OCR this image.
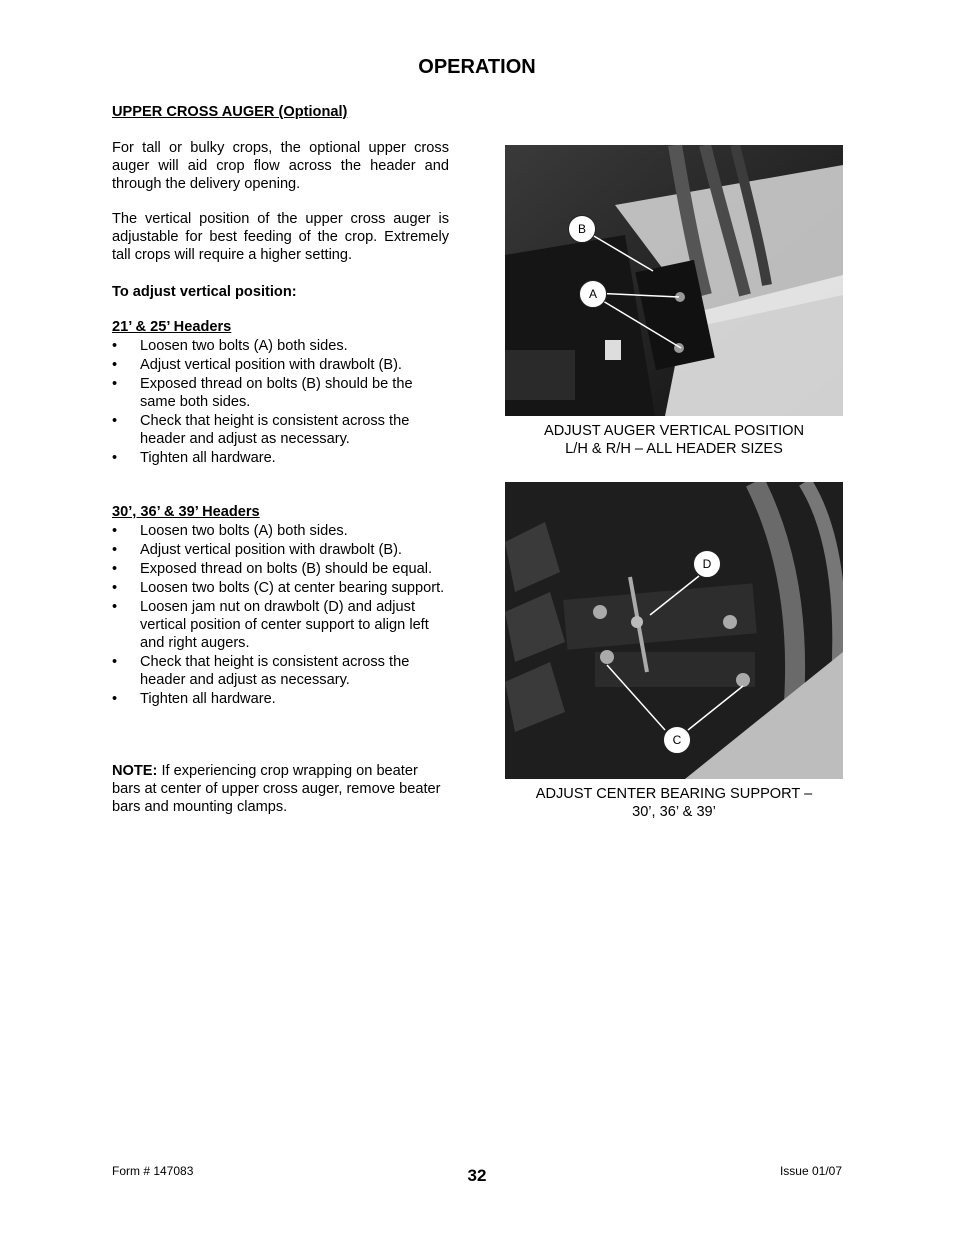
OPERATION
UPPER CROSS AUGER (Optional)

For tall or bulky crops, the optional upper cross auger will aid crop flow across the header and through the delivery opening.

The vertical position of the upper cross auger is adjustable for best feeding of the crop. Extremely tall crops will require a higher setting.

To adjust vertical position:
21’ & 25’ Headers
• Loosen two bolts (A) both sides.
• Adjust vertical position with drawbolt (B).
• Exposed thread on bolts (B) should be the same both sides.
• Check that height is consistent across the header and adjust as necessary.
• Tighten all hardware.
30’, 36’ & 39’ Headers
• Loosen two bolts (A) both sides.
• Adjust vertical position with drawbolt (B).
• Exposed thread on bolts (B) should be equal.
• Loosen two bolts (C) at center bearing support.
• Loosen jam nut on drawbolt (D) and adjust vertical position of center support to align left and right augers.
• Check that height is consistent across the header and adjust as necessary.
• Tighten all hardware.
NOTE: If experiencing crop wrapping on beater bars at center of upper cross auger, remove beater bars and mounting clamps.
B
A
ADJUST AUGER VERTICAL POSITION
L/H & R/H – ALL HEADER SIZES
D
C
ADJUST CENTER BEARING SUPPORT –
30’, 36’ & 39’
Form # 147083	32	Issue 01/07
